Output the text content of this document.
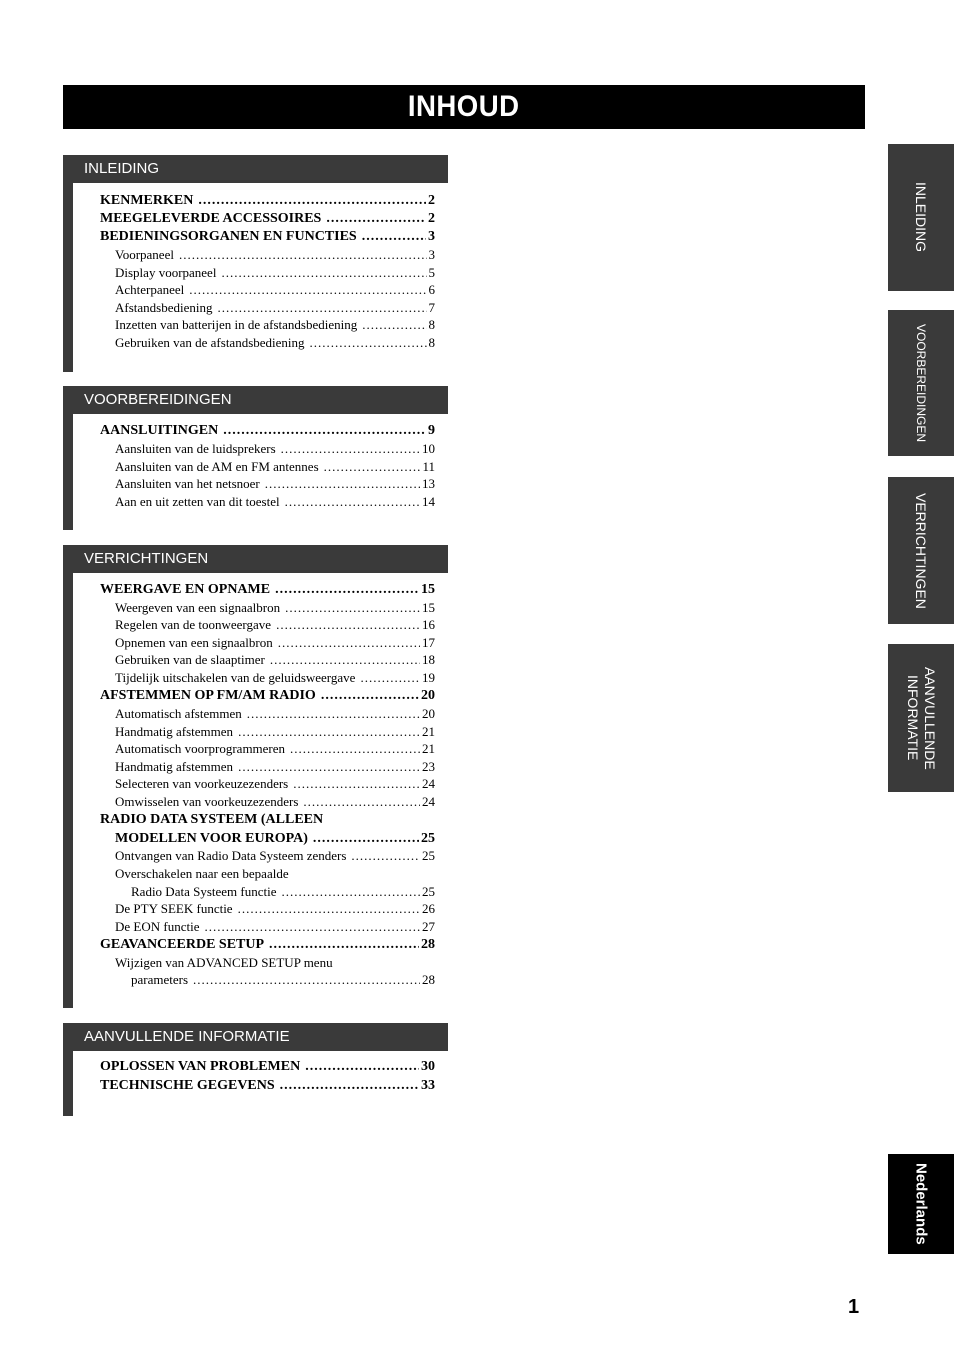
INHOUD
INLEIDING
KENMERKEN .....	2
MEEGELEVERDE ACCESSOIRES .....	2
BEDIENINGSORGANEN EN FUNCTIES .....	3
Voorpaneel .....	3
Display voorpaneel .....	5
Achterpaneel .....	6
Afstandsbediening .....	7
Inzetten van batterijen in de afstandsbediening .....	8
Gebruiken van de afstandsbediening .....	8
VOORBEREIDINGEN
AANSLUITINGEN .....	9
Aansluiten van de luidsprekers .....	10
Aansluiten van de AM en FM antennes .....	11
Aansluiten van het netsnoer .....	13
Aan en uit zetten van dit toestel .....	14
VERRICHTINGEN
WEERGAVE EN OPNAME .....	15
Weergeven van een signaalbron .....	15
Regelen van de toonweergave .....	16
Opnemen van een signaalbron .....	17
Gebruiken van de slaaptimer .....	18
Tijdelijk uitschakelen van de geluidsweergave .....	19
AFSTEMMEN OP FM/AM RADIO .....	20
Automatisch afstemmen .....	20
Handmatig afstemmen .....	21
Automatisch voorprogrammeren .....	21
Handmatig afstemmen .....	23
Selecteren van voorkeuzezenders .....	24
Omwisselen van voorkeuzezenders .....	24
RADIO DATA SYSTEEM (ALLEEN
MODELLEN VOOR EUROPA) .....	25
Ontvangen van Radio Data Systeem zenders .....	25
Overschakelen naar een bepaalde
Radio Data Systeem functie .....	25
De PTY SEEK functie .....	26
De EON functie .....	27
GEAVANCEERDE SETUP .....	28
Wijzigen van ADVANCED SETUP menu
parameters .....	28
AANVULLENDE INFORMATIE
OPLOSSEN VAN PROBLEMEN .....	30
TECHNISCHE GEGEVENS .....	33
INLEIDING
VOORBEREIDINGEN
VERRICHTINGEN
AANVULLENDE INFORMATIE
Nederlands
1
